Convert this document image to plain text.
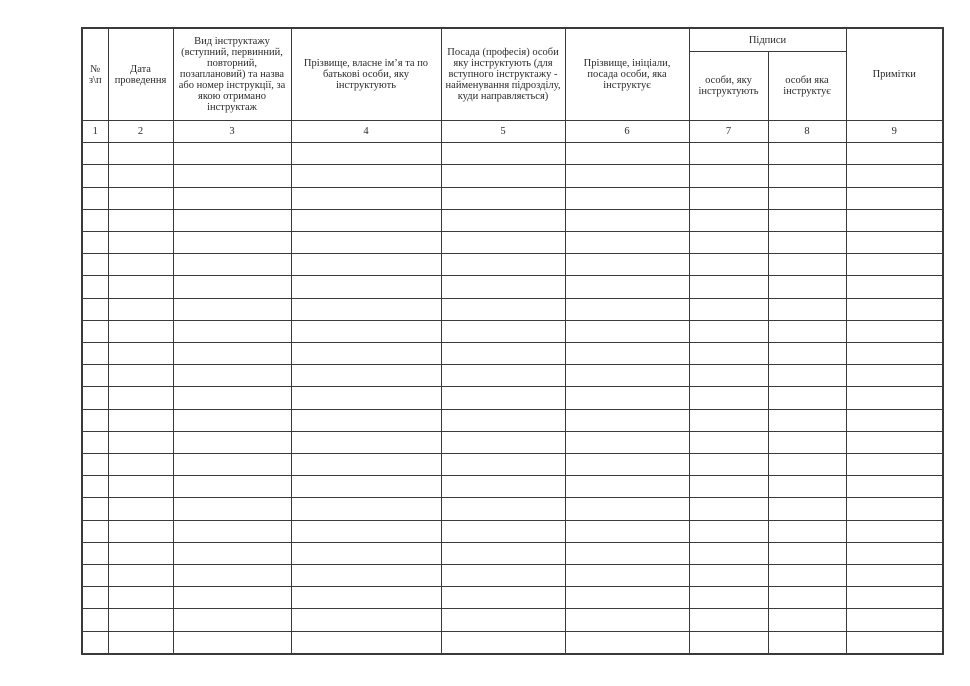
№ з\п	Дата проведення	Вид інструктажу (вступний, первинний, повторний, позаплановий) та назва або номер інструкції, за якою отримано інструктаж	Прізвище, власне ім’я та по батькові особи, яку інструктують	Посада (професія) особи яку інструктують (для вступного інструктажу - найменування підрозділу, куди направляється)	Прізвище, ініціали, посада особи, яка інструктує	Підписи		Примітки
						особи, яку інструктують	особи яка інструктує	
1	2	3	4	5	6	7	8	9
